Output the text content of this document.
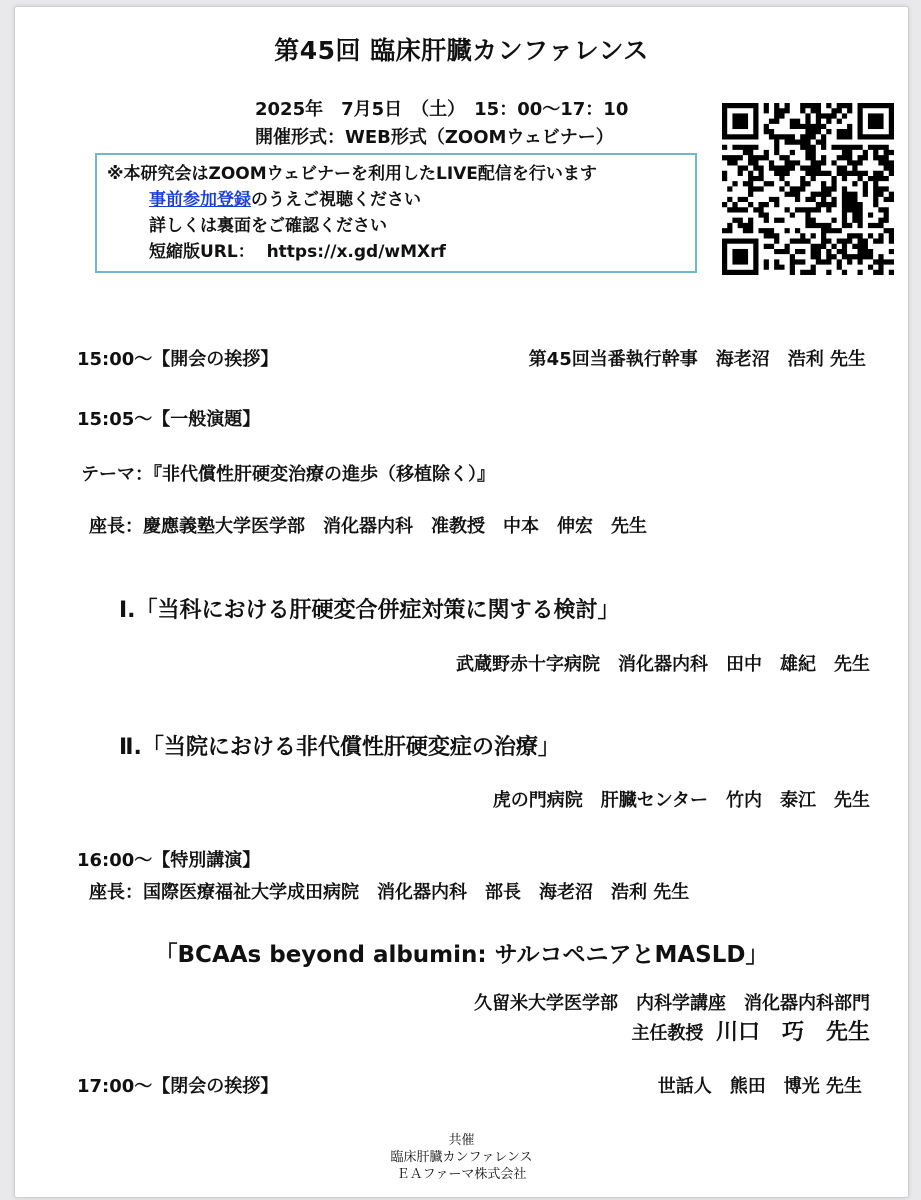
第45回 臨床肝臓カンファレンス
2025年　7月5日　（土）　15：00～17：10
開催形式：WEB形式（ZOOMウェビナー）
※本研究会はZOOMウェビナーを利用したLIVE配信を行います
事前参加登録のうえご視聴ください
詳しくは裏面をご確認ください
短縮版URL： https://x.gd/wMXrf
15:00～【開会の挨拶】	第45回当番執行幹事　海老沼　浩利 先生
15:05～【一般演題】
テーマ：『非代償性肝硬変治療の進歩（移植除く）』
座長：慶應義塾大学医学部　消化器内科　准教授　中本　伸宏　先生
Ⅰ.「当科における肝硬変合併症対策に関する検討」
武蔵野赤十字病院　消化器内科　田中　雄紀　先生
Ⅱ.「当院における非代償性肝硬変症の治療」
虎の門病院　肝臓センター　竹内　泰江　先生
16:00～【特別講演】
座長：国際医療福祉大学成田病院　消化器内科　部長　海老沼　浩利 先生
「BCAAs beyond albumin: サルコペニアとMASLD」
久留米大学医学部　内科学講座　消化器内科部門
主任教授 川口　巧　先生
17:00～【閉会の挨拶】	世話人　熊田　博光 先生
共催
臨床肝臓カンファレンス
ＥＡファーマ株式会社
